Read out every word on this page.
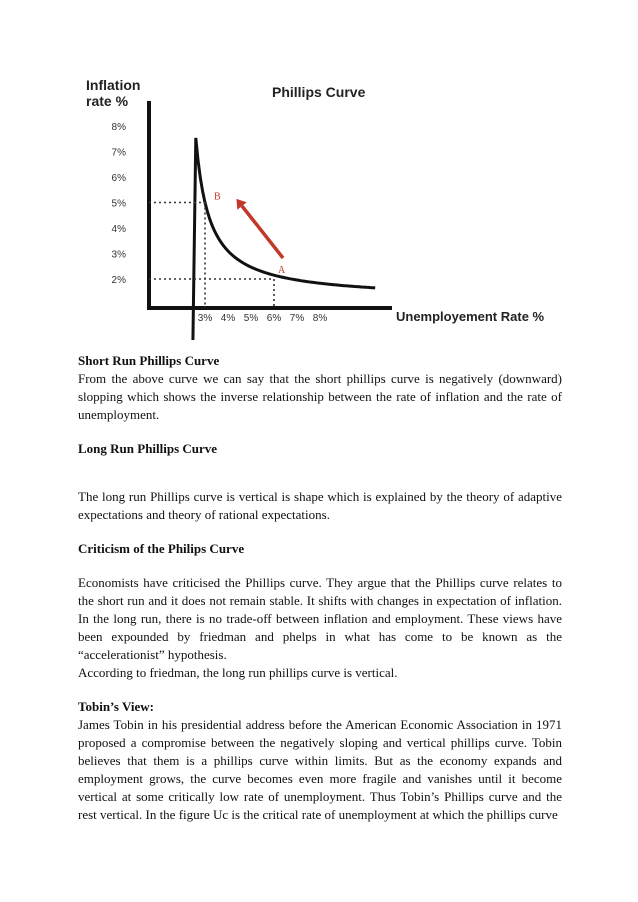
Inflation
rate %
Phillips Curve
8%
7%
6%
5%
4%
3%
2%
3% 4% 5% 6% 7% 8%
B
A
Unemployement Rate %
Short Run Phillips Curve

From the above curve we can say that the short phillips curve is negatively (downward) slopping which shows the inverse relationship between the rate of inflation and the rate of unemployment.

Long Run Phillips Curve

The long run Phillips curve is vertical is shape which is explained by the theory of adaptive expectations and theory of rational expectations.

Criticism of the Philips Curve

Economists have criticised the Phillips curve. They argue that the Phillips curve relates to the short run and it does not remain stable. It shifts with changes in expectation of inflation. In the long run, there is no trade-off between inflation and employment. These views have been expounded by friedman and phelps in what has come to be known as the “accelerationist” hypothesis.

According to friedman, the long run phillips curve is vertical.

Tobin’s View:

James Tobin in his presidential address before the American Economic Association in 1971 proposed a compromise between the negatively sloping and vertical phillips curve. Tobin believes that them is a phillips curve within limits. But as the economy expands and employment grows, the curve becomes even more fragile and vanishes until it become vertical at some critically low rate of unemployment. Thus Tobin’s Phillips curve and the rest vertical. In the figure Uc is the critical rate of unemployment at which the phillips curve
